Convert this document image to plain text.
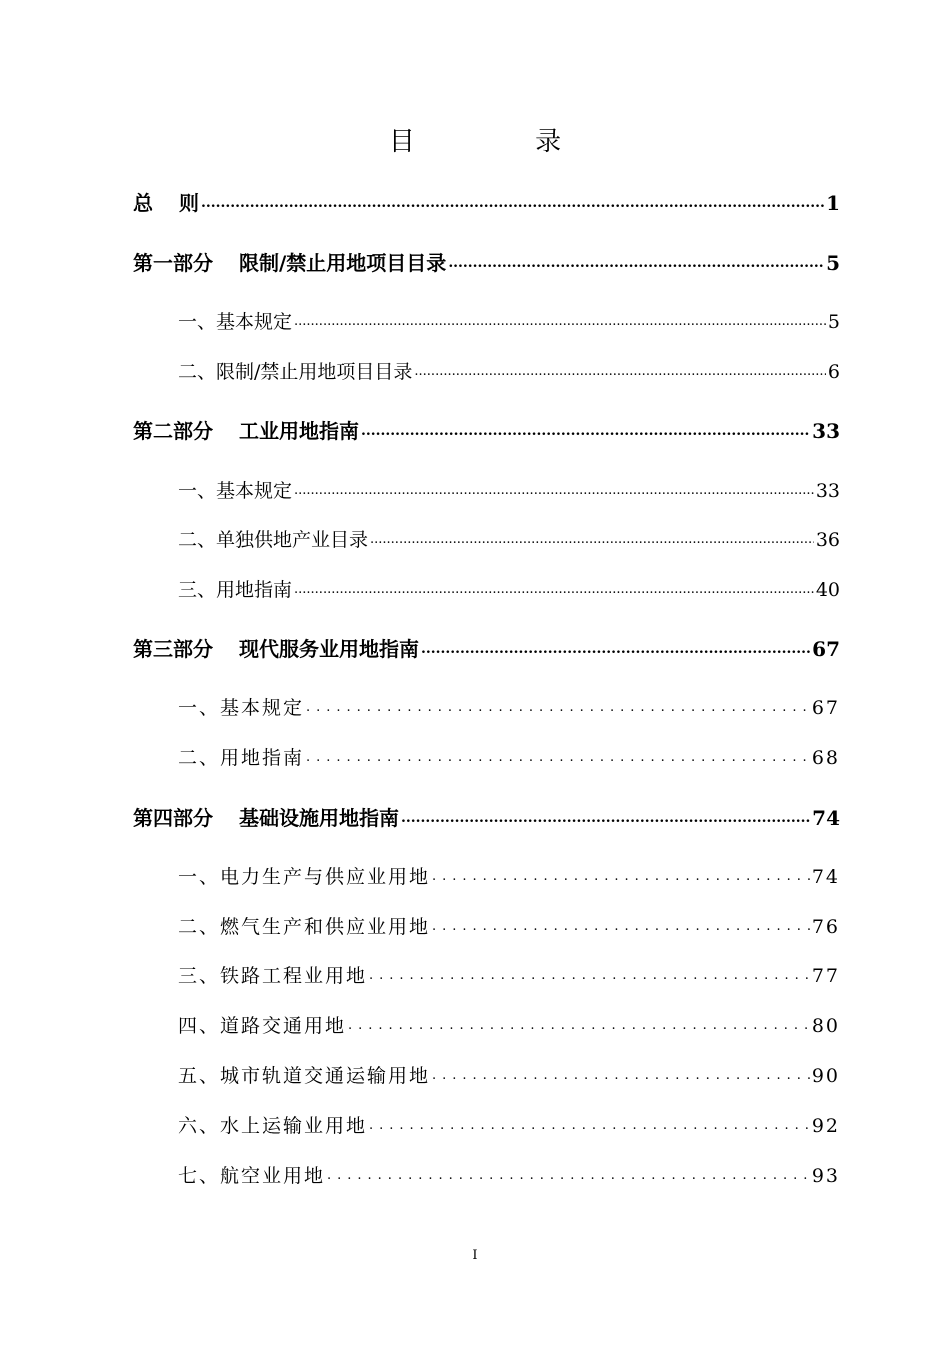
目 录
总 则 .....	1
第一部分 限制/禁止用地项目目录 .....	5
一、基本规定 .....	5
二、限制/禁止用地项目目录 .....	6
第二部分 工业用地指南 .....	33
一、基本规定 .....	33
二、单独供地产业目录 .....	36
三、用地指南 .....	40
第三部分 现代服务业用地指南 .....	67
一、基本规定 .....	67
二、用地指南 .....	68
第四部分 基础设施用地指南 .....	74
一、电力生产与供应业用地 .....	74
二、燃气生产和供应业用地 .....	76
三、铁路工程业用地 .....	77
四、道路交通用地 .....	80
五、城市轨道交通运输用地 .....	90
六、水上运输业用地 .....	92
七、航空业用地 .....	93
I
